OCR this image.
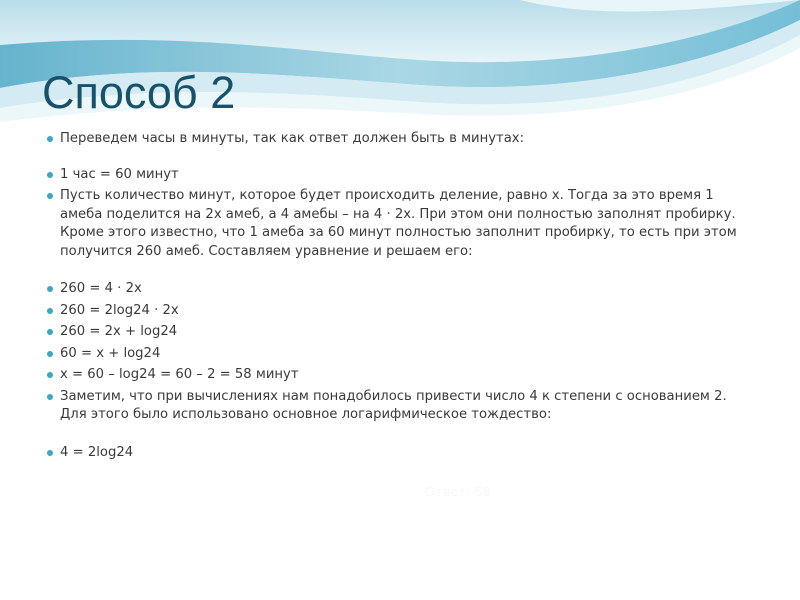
Способ 2
Переведем часы в минуты, так как ответ должен быть в минутах:
1 час = 60 минут
Пусть количество минут, которое будет происходить деление, равно х. Тогда за это время 1 амеба поделится на 2х амеб, а 4 амебы – на 4 · 2х. При этом они полностью заполнят пробирку. Кроме этого известно, что 1 амеба за 60 минут полностью заполнит пробирку, то есть при этом получится 260 амеб. Составляем уравнение и решаем его:
260 = 4 · 2х
260 = 2log24 · 2х
260 = 2х + log24
60 = х + log24
х = 60 – log24 = 60 – 2 = 58 минут
Заметим, что при вычислениях нам понадобилось привести число 4 к степени с основанием 2. Для этого было использовано основное логарифмическое тождество:
4 = 2log24
Ответ: 58
